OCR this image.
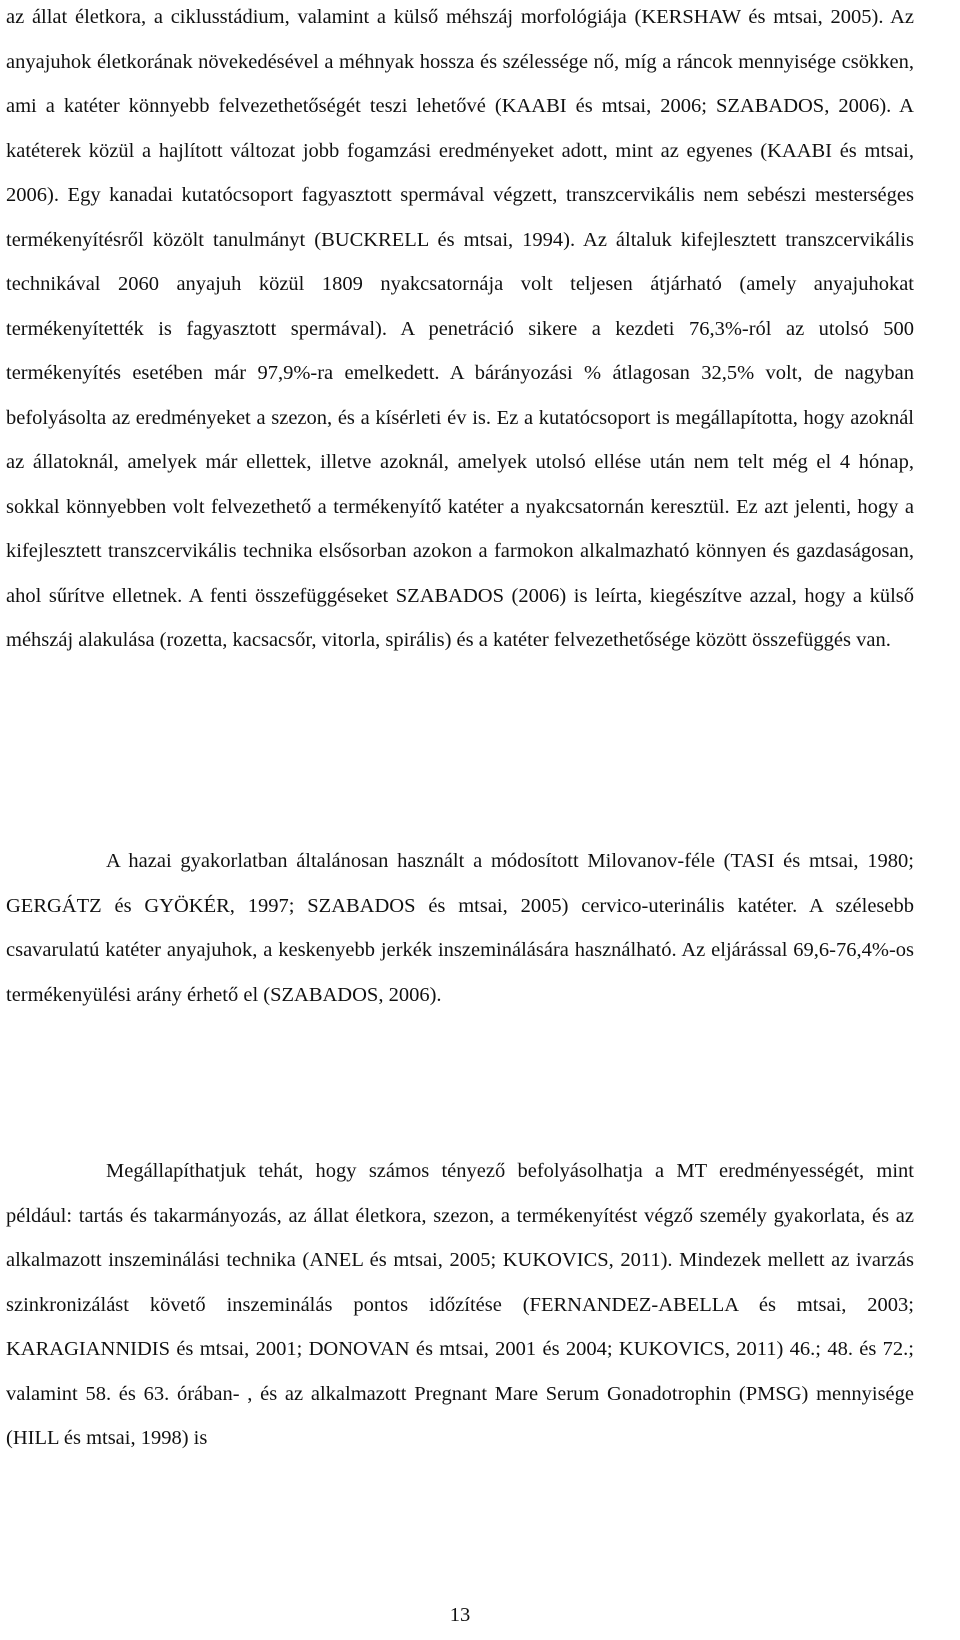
az állat életkora, a ciklusstádium, valamint a külső méhszáj morfológiája (KERSHAW és mtsai, 2005). Az anyajuhok életkorának növekedésével a méhnyak hossza és szélessége nő, míg a ráncok mennyisége csökken, ami a katéter könnyebb felvezethetőségét teszi lehetővé (KAABI és mtsai, 2006; SZABADOS, 2006). A katéterek közül a hajlított változat jobb fogamzási eredményeket adott, mint az egyenes (KAABI és mtsai, 2006). Egy kanadai kutatócsoport fagyasztott spermával végzett, transzcervikális nem sebészi mesterséges termékenyítésről közölt tanulmányt (BUCKRELL és mtsai, 1994). Az általuk kifejlesztett transzcervikális technikával 2060 anyajuh közül 1809 nyakcsatornája volt teljesen átjárható (amely anyajuhokat termékenyítették is fagyasztott spermával). A penetráció sikere a kezdeti 76,3%-ról az utolsó 500 termékenyítés esetében már 97,9%-ra emelkedett. A bárányozási % átlagosan 32,5% volt, de nagyban befolyásolta az eredményeket a szezon, és a kísérleti év is. Ez a kutatócsoport is megállapította, hogy azoknál az állatoknál, amelyek már ellettek, illetve azoknál, amelyek utolsó ellése után nem telt még el 4 hónap, sokkal könnyebben volt felvezethető a termékenyítő katéter a nyakcsatornán keresztül. Ez azt jelenti, hogy a kifejlesztett transzcervikális technika elsősorban azokon a farmokon alkalmazható könnyen és gazdaságosan, ahol sűrítve elletnek. A fenti összefüggéseket SZABADOS (2006) is leírta, kiegészítve azzal, hogy a külső méhszáj alakulása (rozetta, kacsacsőr, vitorla, spirális) és a katéter felvezethetősége között összefüggés van.

A hazai gyakorlatban általánosan használt a módosított Milovanov-féle (TASI és mtsai, 1980; GERGÁTZ és GYÖKÉR, 1997; SZABADOS és mtsai, 2005) cervico-uterinális katéter. A szélesebb csavarulatú katéter anyajuhok, a keskenyebb jerkék inszeminálására használható. Az eljárással 69,6-76,4%-os termékenyülési arány érhető el (SZABADOS, 2006).

Megállapíthatjuk tehát, hogy számos tényező befolyásolhatja a MT eredményességét, mint például: tartás és takarmányozás, az állat életkora, szezon, a termékenyítést végző személy gyakorlata, és az alkalmazott inszeminálási technika (ANEL és mtsai, 2005; KUKOVICS, 2011). Mindezek mellett az ivarzás szinkronizálást követő inszeminálás pontos időzítése (FERNANDEZ-ABELLA és mtsai, 2003; KARAGIANNIDIS és mtsai, 2001; DONOVAN és mtsai, 2001 és 2004; KUKOVICS, 2011) 46.; 48. és 72.; valamint 58. és 63. órában- , és az alkalmazott Pregnant Mare Serum Gonadotrophin (PMSG) mennyisége (HILL és mtsai, 1998) is

13
